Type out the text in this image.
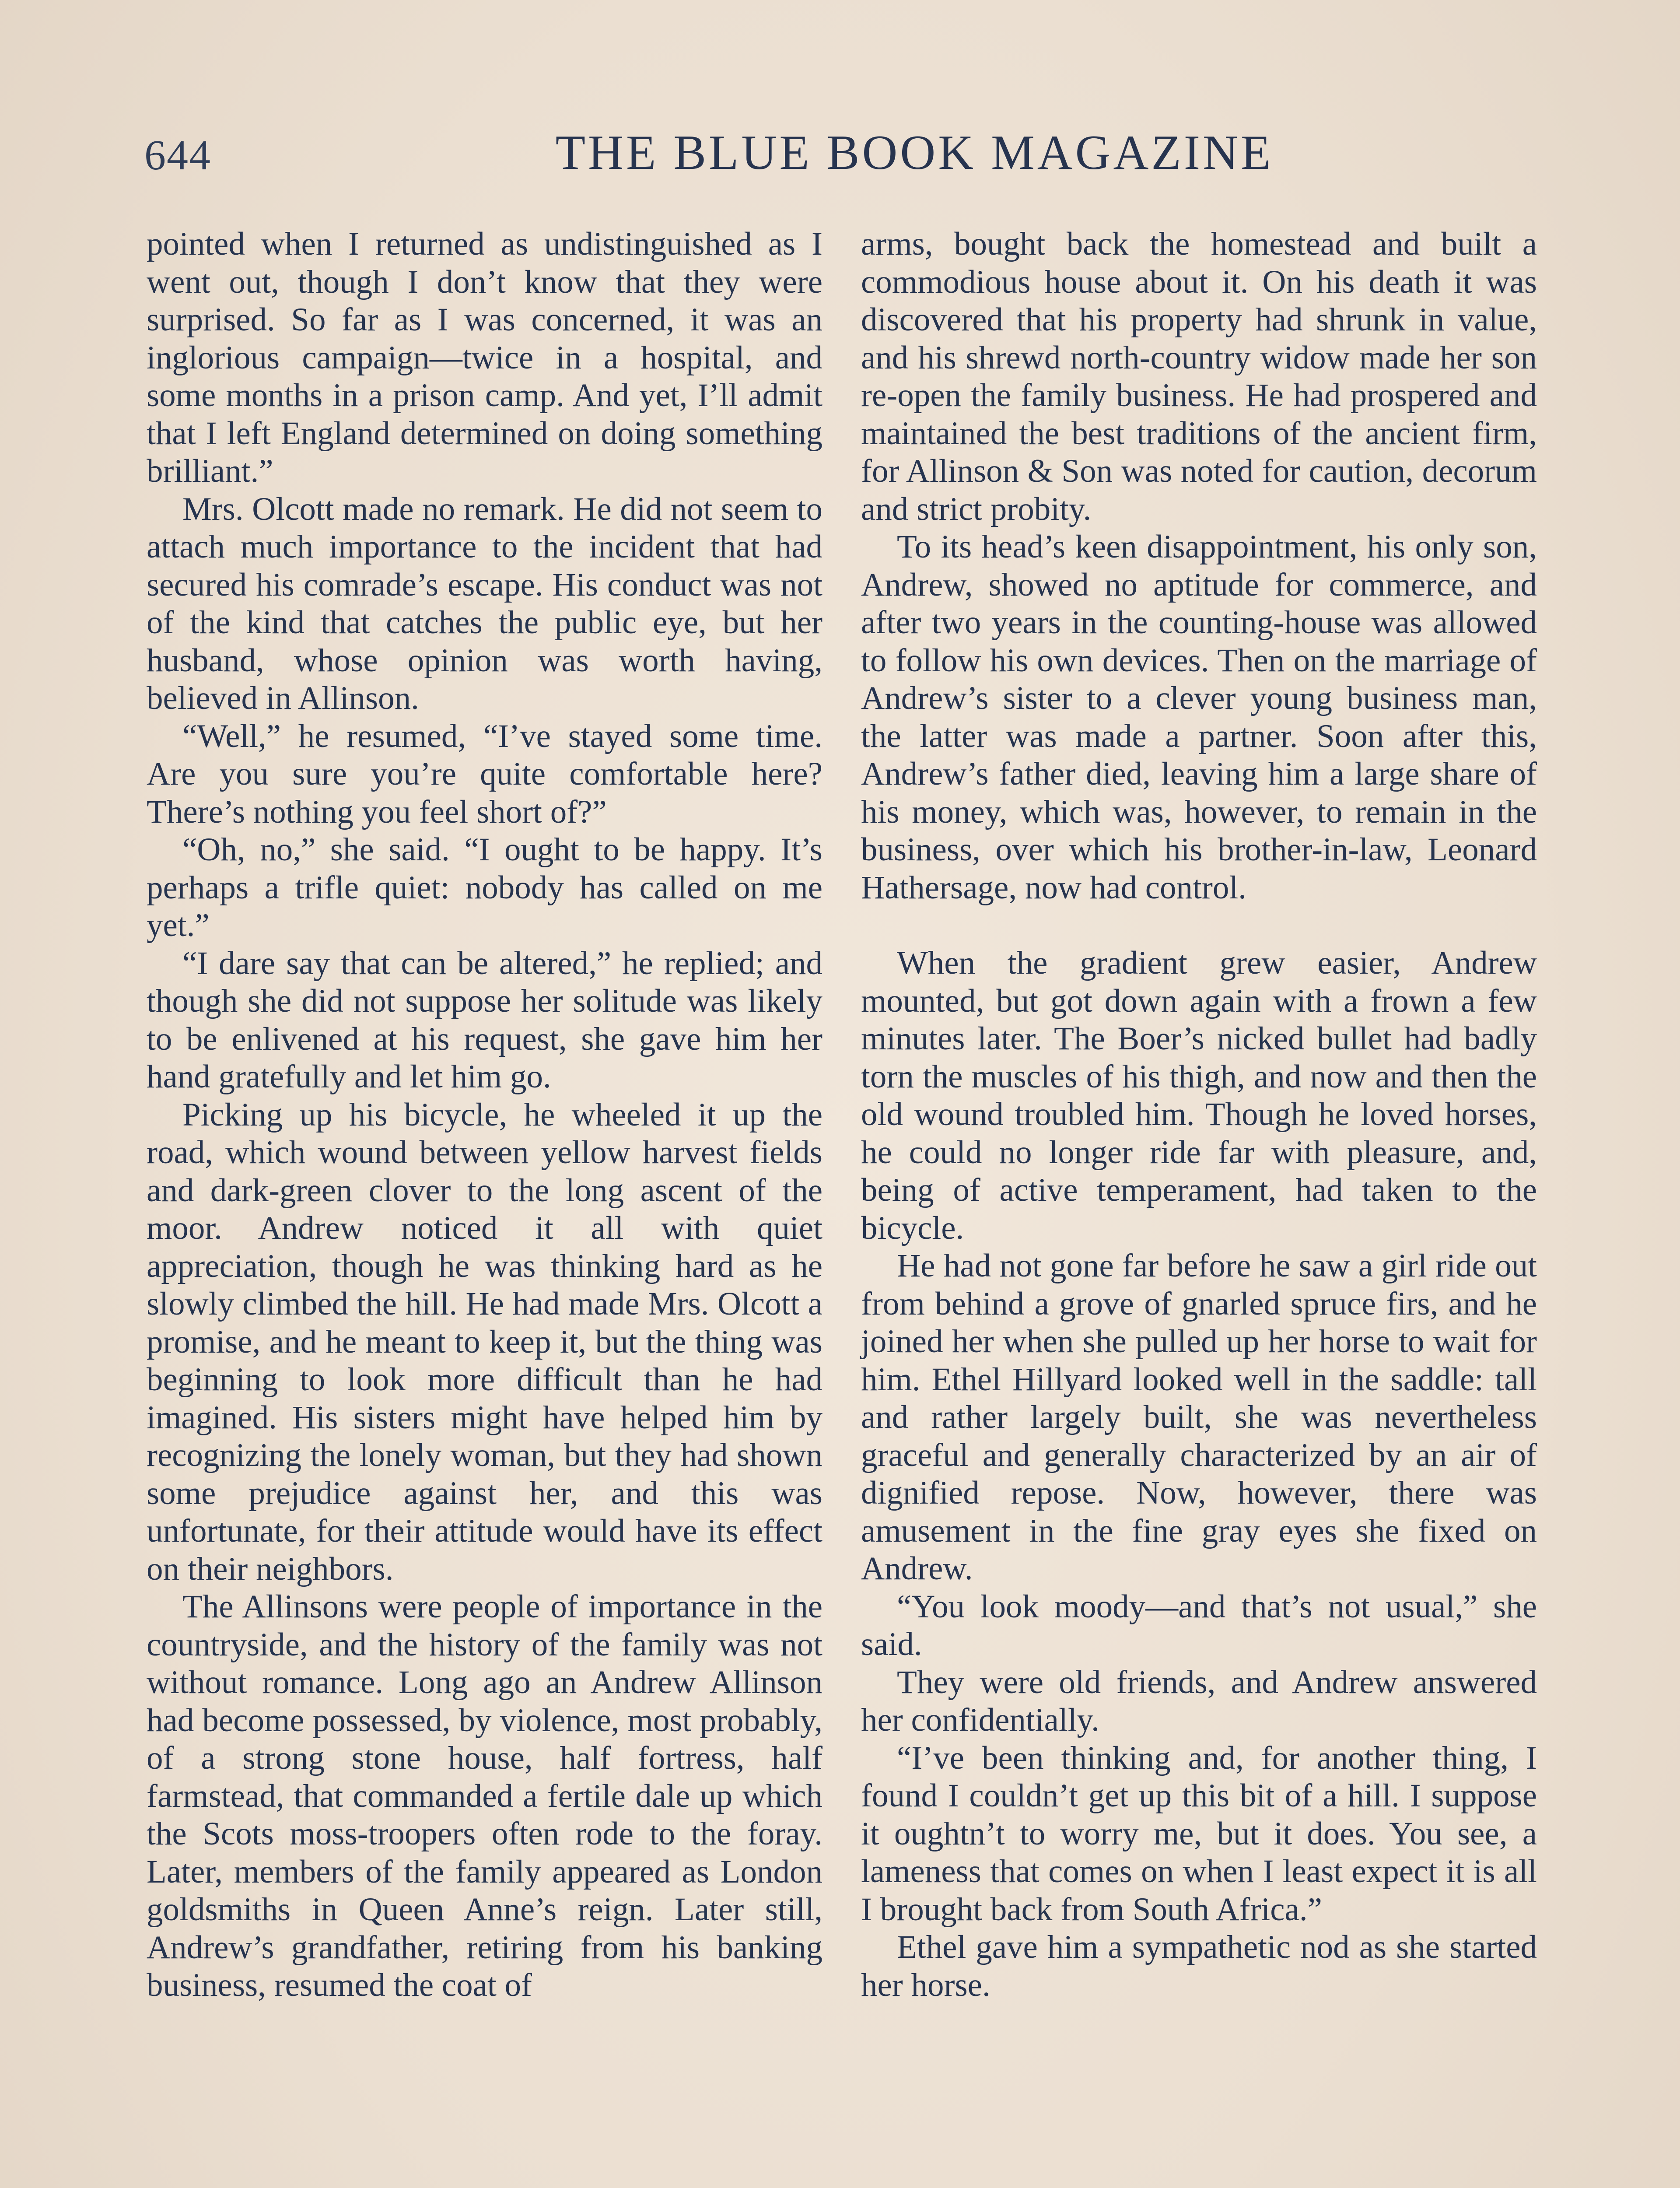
644	THE BLUE BOOK MAGAZINE

pointed when I returned as undistinguished as I went out, though I don’t know that they were surprised. So far as I was concerned, it was an inglorious campaign—twice in a hospital, and some months in a prison camp. And yet, I’ll admit that I left England determined on doing something brilliant.”

Mrs. Olcott made no remark. He did not seem to attach much importance to the incident that had secured his comrade’s escape. His conduct was not of the kind that catches the public eye, but her husband, whose opinion was worth having, believed in Allinson.

“Well,” he resumed, “I’ve stayed some time. Are you sure you’re quite comfortable here? There’s nothing you feel short of?”

“Oh, no,” she said. “I ought to be happy. It’s perhaps a trifle quiet: nobody has called on me yet.”

“I dare say that can be altered,” he replied; and though she did not suppose her solitude was likely to be enlivened at his request, she gave him her hand gratefully and let him go.

Picking up his bicycle, he wheeled it up the road, which wound between yellow harvest fields and dark-green clover to the long ascent of the moor. Andrew noticed it all with quiet appreciation, though he was thinking hard as he slowly climbed the hill. He had made Mrs. Olcott a promise, and he meant to keep it, but the thing was beginning to look more difficult than he had imagined. His sisters might have helped him by recognizing the lonely woman, but they had shown some prejudice against her, and this was unfortunate, for their attitude would have its effect on their neighbors.

The Allinsons were people of importance in the countryside, and the history of the family was not without romance. Long ago an Andrew Allinson had become possessed, by violence, most probably, of a strong stone house, half fortress, half farmstead, that commanded a fertile dale up which the Scots moss-troopers often rode to the foray. Later, members of the family appeared as London goldsmiths in Queen Anne’s reign. Later still, Andrew’s grandfather, retiring from his banking business, resumed the coat of

arms, bought back the homestead and built a commodious house about it. On his death it was discovered that his property had shrunk in value, and his shrewd north-country widow made her son re-open the family business. He had prospered and maintained the best traditions of the ancient firm, for Allinson & Son was noted for caution, decorum and strict probity.

To its head’s keen disappointment, his only son, Andrew, showed no aptitude for commerce, and after two years in the counting-house was allowed to follow his own devices. Then on the marriage of Andrew’s sister to a clever young business man, the latter was made a partner. Soon after this, Andrew’s father died, leaving him a large share of his money, which was, however, to remain in the business, over which his brother-in-law, Leonard Hathersage, now had control.

When the gradient grew easier, Andrew mounted, but got down again with a frown a few minutes later. The Boer’s nicked bullet had badly torn the muscles of his thigh, and now and then the old wound troubled him. Though he loved horses, he could no longer ride far with pleasure, and, being of active temperament, had taken to the bicycle.

He had not gone far before he saw a girl ride out from behind a grove of gnarled spruce firs, and he joined her when she pulled up her horse to wait for him. Ethel Hillyard looked well in the saddle: tall and rather largely built, she was nevertheless graceful and generally characterized by an air of dignified repose. Now, however, there was amusement in the fine gray eyes she fixed on Andrew.

“You look moody—and that’s not usual,” she said.

They were old friends, and Andrew answered her confidentially.

“I’ve been thinking and, for another thing, I found I couldn’t get up this bit of a hill. I suppose it oughtn’t to worry me, but it does. You see, a lameness that comes on when I least expect it is all I brought back from South Africa.”

Ethel gave him a sympathetic nod as she started her horse.
